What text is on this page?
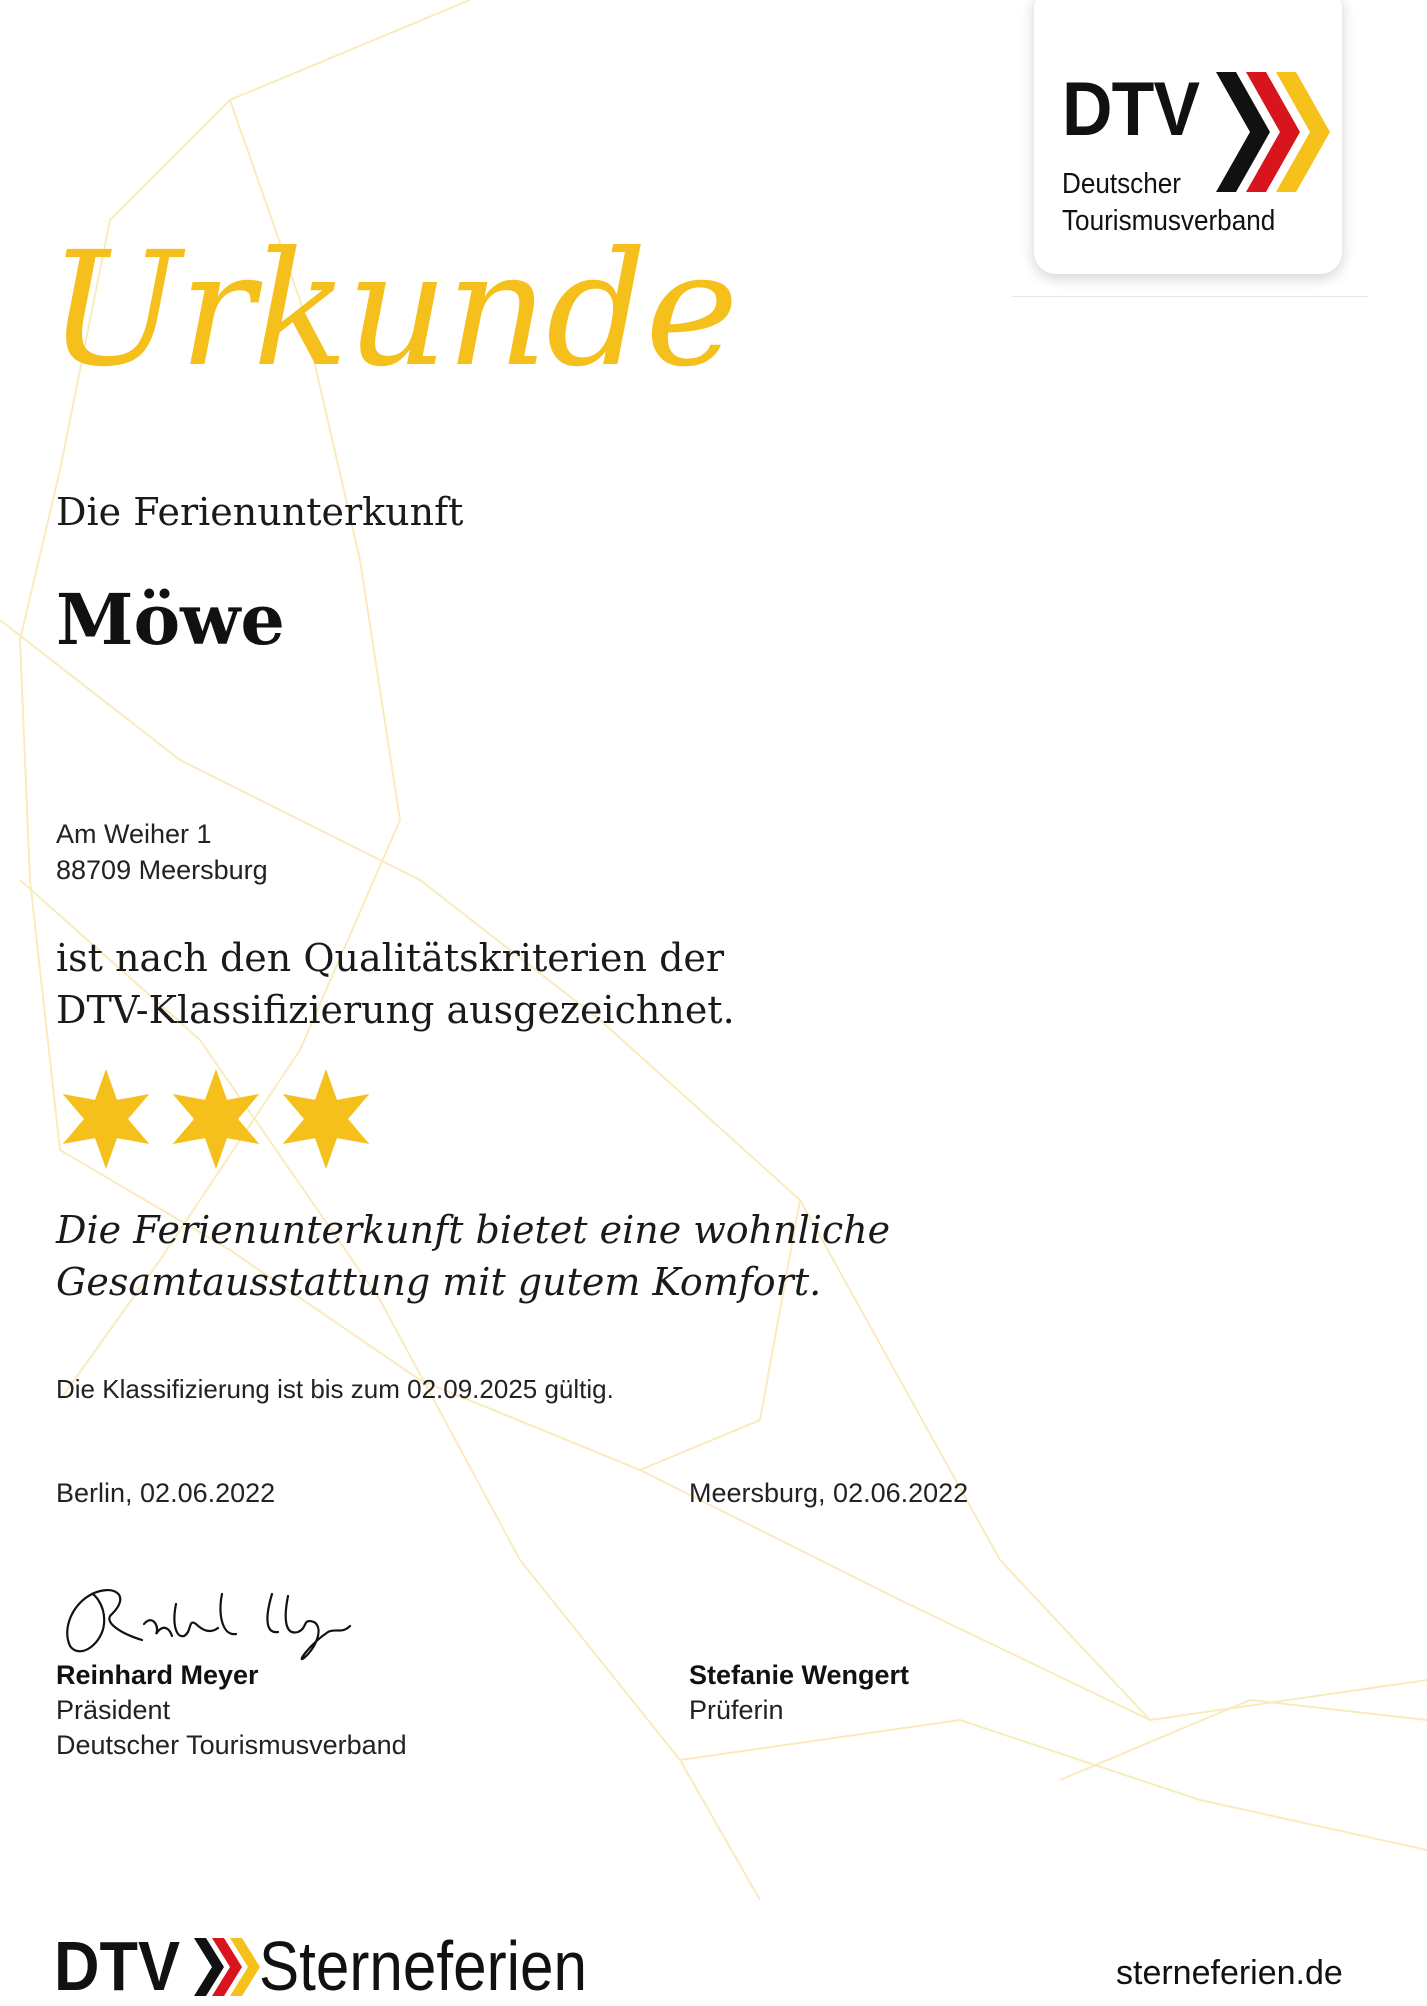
DTV
Deutscher
Tourismusverband
Urkunde
Die Ferienunterkunft
Möwe
Am Weiher 1
88709 Meersburg
ist nach den Qualitätskriterien der
DTV-Klassifizierung ausgezeichnet.
Die Ferienunterkunft bietet eine wohnliche
Gesamtausstattung mit gutem Komfort.
Die Klassifizierung ist bis zum 02.09.2025 gültig.
Berlin, 02.06.2022	Meersburg, 02.06.2022
Reinhard Meyer
Präsident
Deutscher Tourismusverband
Stefanie Wengert
Prüferin
DTV Sterneferien	sterneferien.de
